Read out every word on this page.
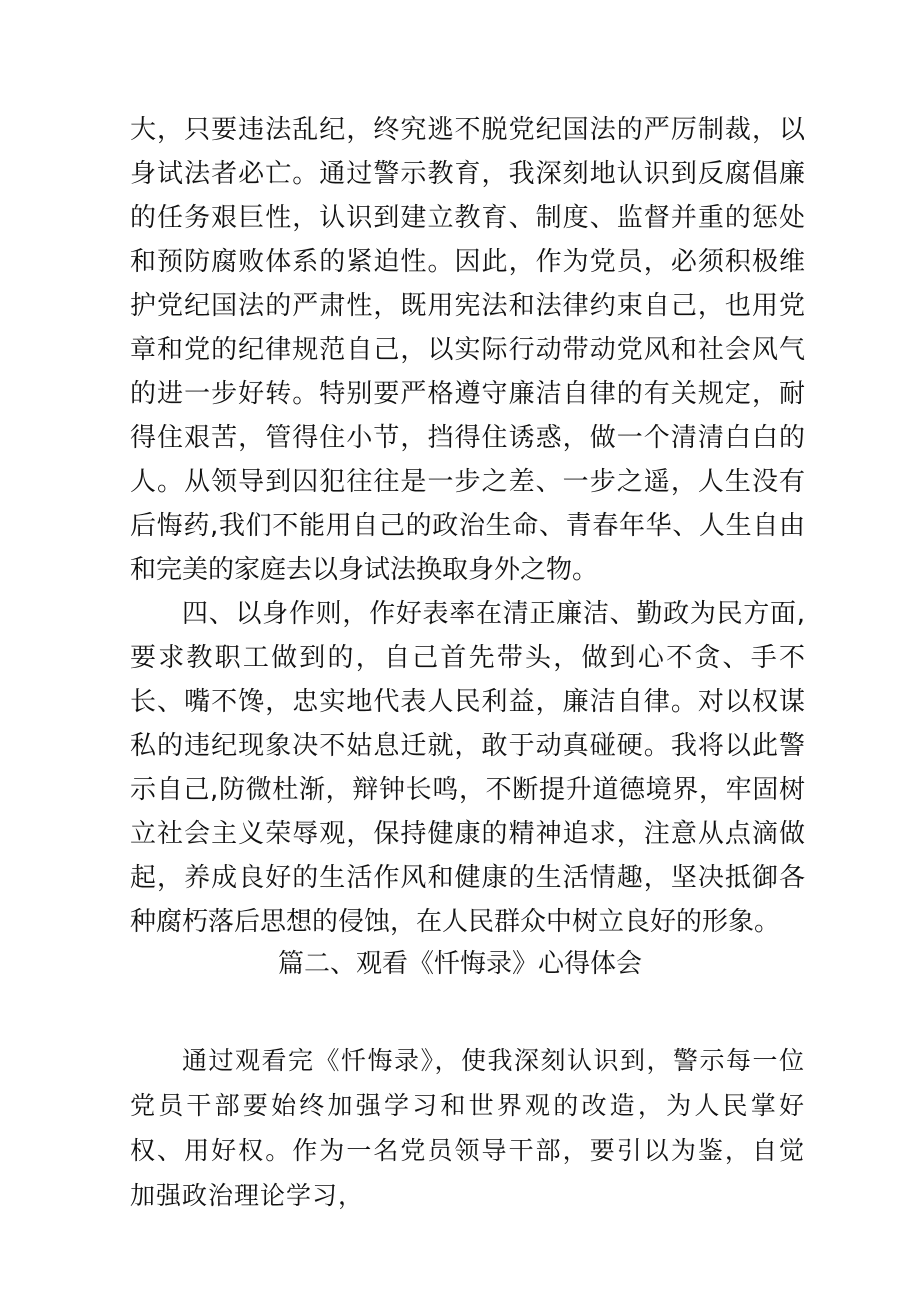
大，只要违法乱纪，终究逃不脱党纪国法的严厉制裁，以身试法者必亡。通过警示教育，我深刻地认识到反腐倡廉的任务艰巨性，认识到建立教育、制度、监督并重的惩处和预防腐败体系的紧迫性。因此，作为党员，必须积极维护党纪国法的严肃性，既用宪法和法律约束自己，也用党章和党的纪律规范自己，以实际行动带动党风和社会风气的进一步好转。特别要严格遵守廉洁自律的有关规定，耐得住艰苦，管得住小节，挡得住诱惑，做一个清清白白的人。从领导到囚犯往往是一步之差、一步之遥，人生没有后悔药,我们不能用自己的政治生命、青春年华、人生自由和完美的家庭去以身试法换取身外之物。

四、以身作则，作好表率在清正廉洁、勤政为民方面,要求教职工做到的，自己首先带头，做到心不贪、手不长、嘴不馋，忠实地代表人民利益，廉洁自律。对以权谋私的违纪现象决不姑息迁就，敢于动真碰硬。我将以此警示自己,防微杜渐，辩钟长鸣，不断提升道德境界，牢固树立社会主义荣辱观，保持健康的精神追求，注意从点滴做起，养成良好的生活作风和健康的生活情趣，坚决抵御各种腐朽落后思想的侵蚀，在人民群众中树立良好的形象。

篇二、观看《忏悔录》心得体会

通过观看完《忏悔录》，使我深刻认识到，警示每一位党员干部要始终加强学习和世界观的改造，为人民掌好权、用好权。作为一名党员领导干部，要引以为鉴，自觉加强政治理论学习，
